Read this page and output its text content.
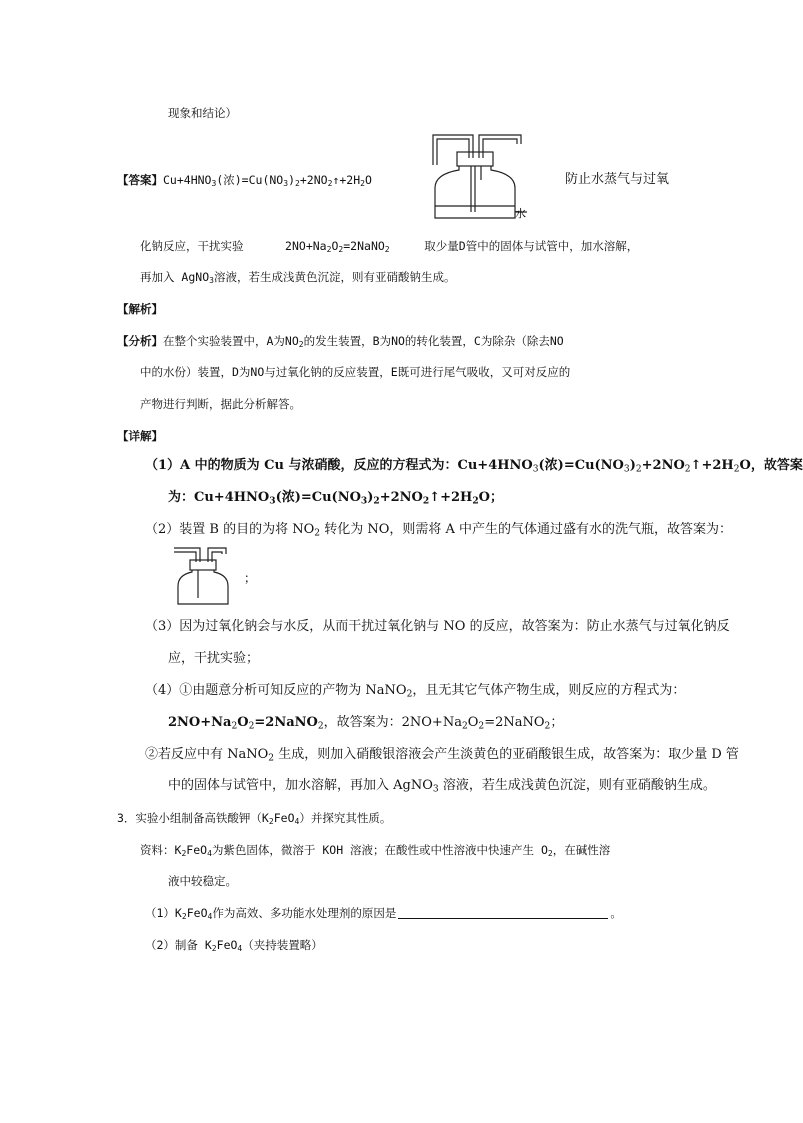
现象和结论）
【答案】$Cu+4HNO_3$(浓)$=Cu(NO_3)_2+2NO_2↑+2H_2O$
水
防止水蒸气与过氧
化钠反应，干扰实验	$2NO+Na_2O_2=2NaNO_2$	取少量D管中的固体与试管中，加水溶解，
再加入 AgNO$_3$溶液，若生成浅黄色沉淀，则有亚硝酸钠生成。
【解析】
【分析】在整个实验装置中，A为$NO_2$的发生装置，B为NO的转化装置，C为除杂（除去NO
中的水份）装置，D为NO与过氧化钠的反应装置，E既可进行尾气吸收，又可对反应的
产物进行判断，据此分析解答。
【详解】
（1）A 中的物质为 Cu 与浓硝酸，反应的方程式为：$Cu+4HNO_3$(浓)$=Cu(NO_3)_2+2NO_2↑+2H_2O$，故答案
为：$Cu+4HNO_3$(浓)$=Cu(NO_3)_2+2NO_2↑+2H_2O$；
（2）装置 B 的目的为将 $NO_2$ 转化为 NO，则需将 A 中产生的气体通过盛有水的洗气瓶，故答案为：
；
（3）因为过氧化钠会与水反，从而干扰过氧化钠与 NO 的反应，故答案为：防止水蒸气与过氧化钠反
应，干扰实验；
（4）①由题意分析可知反应的产物为 NaNO$_2$，且无其它气体产物生成，则反应的方程式为：
$2NO+Na_2O_2=2NaNO_2$，故答案为：$2NO+Na_2O_2=2NaNO_2$；
②若反应中有 NaNO$_2$ 生成，则加入硝酸银溶液会产生淡黄色的亚硝酸银生成，故答案为：取少量 D 管
中的固体与试管中，加水溶解，再加入 AgNO$_3$ 溶液，若生成浅黄色沉淀，则有亚硝酸钠生成。
3．实验小组制备高铁酸钾$(K_2FeO_4)$并探究其性质。
资料：$K_2FeO_4$为紫色固体，微溶于 KOH 溶液；在酸性或中性溶液中快速产生 $O_2$，在碱性溶
液中较稳定。
$(1)K_2FeO_4$作为高效、多功能水处理剂的原因是	。
（2）制备 $K_2FeO_4$（夹持装置略）
